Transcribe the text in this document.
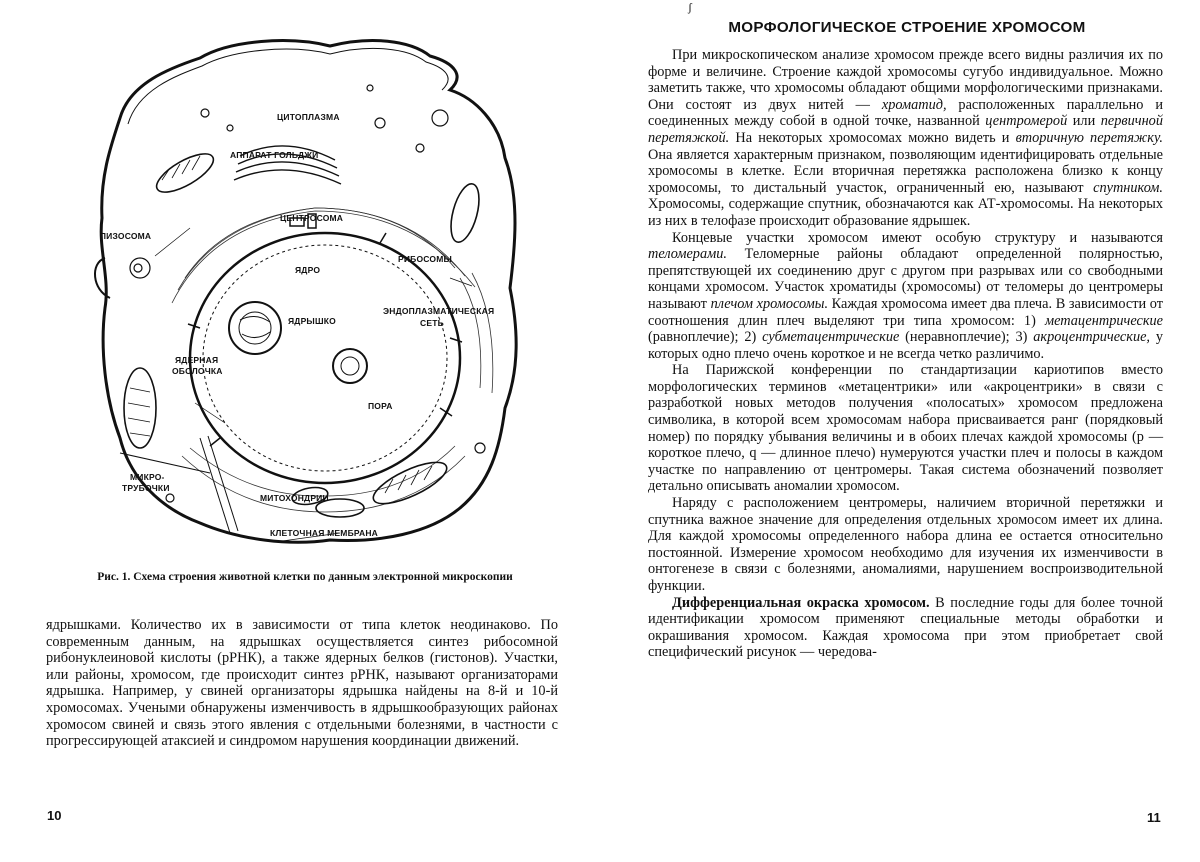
ЦИТОПЛАЗМА
АППАРАТ ГОЛЬДЖИ
ЦЕНТРОСОМА
ЛИЗОСОМА
РИБОСОМЫ
ЯДРО
ЯДРЫШКО
ЭНДОПЛАЗМАТИЧЕСКАЯ
СЕТЬ
ЯДЕРНАЯ
ОБОЛОЧКА
ПОРА
МИКРО-
ТРУБОЧКИ
МИТОХОНДРИИ
КЛЕТОЧНАЯ МЕМБРАНА
Рис. 1. Схема строения животной клетки по данным электронной микроскопии

ядрышками. Количество их в зависимости от типа клеток неодинаково. По современным данным, на ядрышках осуществляется синтез рибосомной рибонуклеиновой кислоты (рРНК), а также ядерных белков (гистонов). Участки, или районы, хромосом, где происходит синтез рРНК, называют организаторами ядрышка. Например, у свиней организаторы ядрышка найдены на 8-й и 10-й хромосомах. Учеными обнаружены изменчивость в ядрышкообразующих районах хромосом свиней и связь этого явления с отдельными болезнями, в частности с прогрессирующей атаксией и синдромом нарушения координации движений.

10
ʃ
МОРФОЛОГИЧЕСКОЕ СТРОЕНИЕ ХРОМОСОМ

При микроскопическом анализе хромосом прежде всего видны различия их по форме и величине. Строение каждой хромосомы сугубо индивидуальное. Можно заметить также, что хромосомы обладают общими морфологическими признаками. Они состоят из двух нитей — хроматид, расположенных параллельно и соединенных между собой в одной точке, названной центромерой или первичной перетяжкой. На некоторых хромосомах можно видеть и вторичную перетяжку. Она является характерным признаком, позволяющим идентифицировать отдельные хромосомы в клетке. Если вторичная перетяжка расположена близко к концу хромосомы, то дистальный участок, ограниченный ею, называют спутником. Хромосомы, содержащие спутник, обозначаются как АТ-хромосомы. На некоторых из них в телофазе происходит образование ядрышек.

Концевые участки хромосом имеют особую структуру и называются теломерами. Теломерные районы обладают определенной полярностью, препятствующей их соединению друг с другом при разрывах или со свободными концами хромосом. Участок хроматиды (хромосомы) от теломеры до центромеры называют плечом хромосомы. Каждая хромосома имеет два плеча. В зависимости от соотношения длин плеч выделяют три типа хромосом: 1) метацентрические (равноплечие); 2) субметацентрические (неравноплечие); 3) акроцентрические, у которых одно плечо очень короткое и не всегда четко различимо.

На Парижской конференции по стандартизации кариотипов вместо морфологических терминов «метацентрики» или «акроцентрики» в связи с разработкой новых методов получения «полосатых» хромосом предложена символика, в которой всем хромосомам набора присваивается ранг (порядковый номер) по порядку убывания величины и в обоих плечах каждой хромосомы (р — короткое плечо, q — длинное плечо) нумеруются участки плеч и полосы в каждом участке по направлению от центромеры. Такая система обозначений позволяет детально описывать аномалии хромосом.

Наряду с расположением центромеры, наличием вторичной перетяжки и спутника важное значение для определения отдельных хромосом имеет их длина. Для каждой хромосомы определенного набора длина ее остается относительно постоянной. Измерение хромосом необходимо для изучения их изменчивости в онтогенезе в связи с болезнями, аномалиями, нарушением воспроизводительной функции.

Дифференциальная окраска хромосом. В последние годы для более точной идентификации хромосом применяют специальные методы обработки и окрашивания хромосом. Каждая хромосома при этом приобретает свой специфический рисунок — чередова-

11
